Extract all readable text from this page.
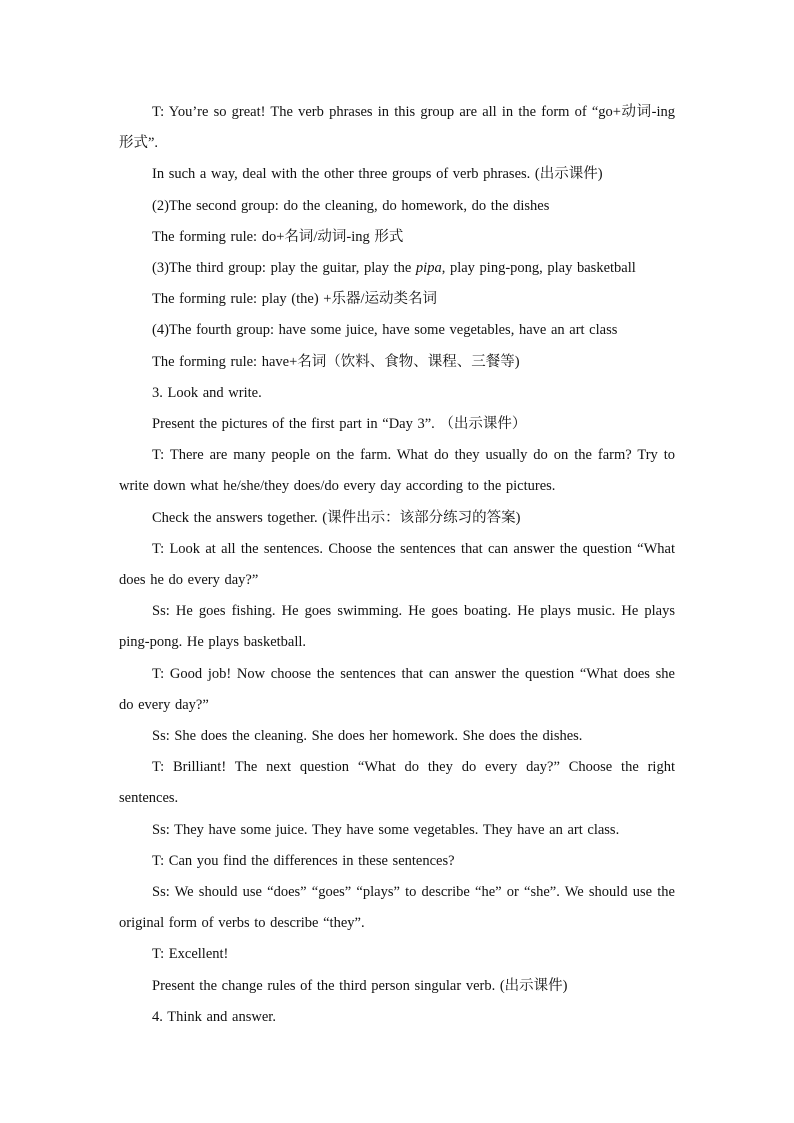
T: You’re so great! The verb phrases in this group are all in the form of “go+动词-ing 形式”.

In such a way, deal with the other three groups of verb phrases. (出示课件)

(2)The second group: do the cleaning, do homework, do the dishes

The forming rule: do+名词/动词-ing 形式

(3)The third group: play the guitar, play the pipa, play ping-pong, play basketball

The forming rule: play (the) +乐器/运动类名词

(4)The fourth group: have some juice, have some vegetables, have an art class

The forming rule: have+名词（饮料、食物、课程、三餐等)

3. Look and write.

Present the pictures of the first part in “Day 3”. （出示课件）

T: There are many people on the farm. What do they usually do on the farm? Try to write down what he/she/they does/do every day according to the pictures.

Check the answers together. (课件出示：该部分练习的答案)

T: Look at all the sentences. Choose the sentences that can answer the question “What does he do every day?”

Ss: He goes fishing. He goes swimming. He goes boating. He plays music. He plays ping-pong. He plays basketball.

T: Good job! Now choose the sentences that can answer the question “What does she do every day?”

Ss: She does the cleaning. She does her homework. She does the dishes.

T: Brilliant! The next question “What do they do every day?” Choose the right sentences.

Ss: They have some juice. They have some vegetables. They have an art class.

T: Can you find the differences in these sentences?

Ss: We should use “does” “goes” “plays” to describe “he” or “she”. We should use the original form of verbs to describe “they”.

T: Excellent!

Present the change rules of the third person singular verb. (出示课件)

4. Think and answer.
